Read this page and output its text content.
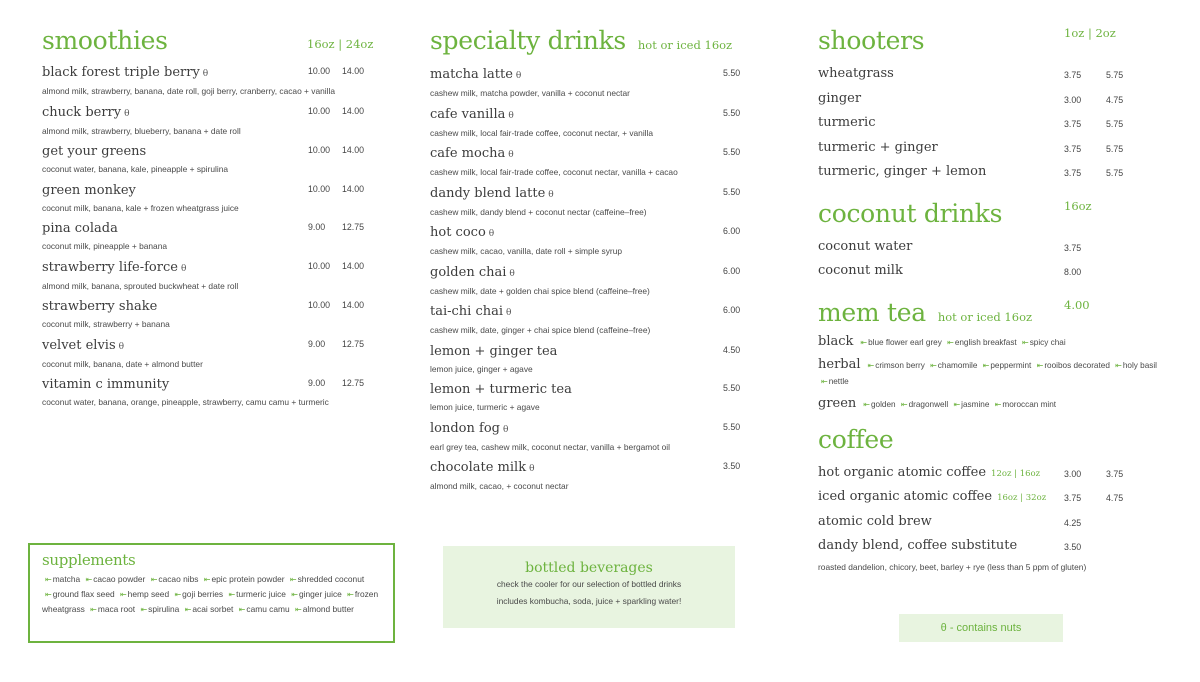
smoothies	16oz | 24oz
black forest triple berry θ	10.00 14.00
almond milk, strawberry, banana, date roll, goji berry, cranberry, cacao + vanilla
chuck berry θ	10.00 14.00
almond milk, strawberry, blueberry, banana + date roll
get your greens	10.00 14.00
coconut water, banana, kale, pineapple + spirulina
green monkey	10.00 14.00
coconut milk, banana, kale + frozen wheatgrass juice
pina colada	9.00 12.75
coconut milk, pineapple + banana
strawberry life-force θ	10.00 14.00
almond milk, banana, sprouted buckwheat + date roll
strawberry shake	10.00 14.00
coconut milk, strawberry + banana
velvet elvis θ	9.00 12.75
coconut milk, banana, date + almond butter
vitamin c immunity	9.00 12.75
coconut water, banana, orange, pineapple, strawberry, camu camu + turmeric
supplements
⇤matcha ⇤cacao powder ⇤cacao nibs ⇤epic protein powder ⇤shredded coconut ⇤ground flax seed ⇤hemp seed ⇤goji berries ⇤turmeric juice ⇤ginger juice ⇤frozen wheatgrass ⇤maca root ⇤spirulina ⇤acai sorbet ⇤camu camu ⇤almond butter
specialty drinks hot or iced 16oz
matcha latte θ	5.50
cashew milk, matcha powder, vanilla + coconut nectar
cafe vanilla θ	5.50
cashew milk, local fair-trade coffee, coconut nectar, + vanilla
cafe mocha θ	5.50
cashew milk, local fair-trade coffee, coconut nectar, vanilla + cacao
dandy blend latte θ	5.50
cashew milk, dandy blend + coconut nectar (caffeine–free)
hot coco θ	6.00
cashew milk, cacao, vanilla, date roll + simple syrup
golden chai θ	6.00
cashew milk, date + golden chai spice blend (caffeine–free)
tai-chi chai θ	6.00
cashew milk, date, ginger + chai spice blend (caffeine–free)
lemon + ginger tea	4.50
lemon juice, ginger + agave
lemon + turmeric tea	5.50
lemon juice, turmeric + agave
london fog θ	5.50
earl grey tea, cashew milk, coconut nectar, vanilla + bergamot oil
chocolate milk θ	3.50
almond milk, cacao, + coconut nectar
bottled beverages
check the cooler for our selection of bottled drinks
includes kombucha, soda, juice + sparkling water!
shooters	1oz | 2oz
wheatgrass	3.75	5.75
ginger	3.00	4.75
turmeric	3.75	5.75
turmeric + ginger	3.75	5.75
turmeric, ginger + lemon	3.75	5.75
coconut drinks	16oz
coconut water	3.75
coconut milk	8.00
mem tea hot or iced 16oz
4.00
black ⇤blue flower earl grey ⇤english breakfast ⇤spicy chai
herbal ⇤crimson berry ⇤chamomile ⇤peppermint ⇤rooibos decorated ⇤holy basil ⇤nettle
green ⇤golden ⇤dragonwell ⇤jasmine ⇤moroccan mint
coffee
hot organic atomic coffee 12oz | 16oz	3.00	3.75
iced organic atomic coffee 16oz | 32oz	3.75	4.75
atomic cold brew	4.25
dandy blend, coffee substitute	3.50
roasted dandelion, chicory, beet, barley + rye (less than 5 ppm of gluten)
θ - contains nuts
